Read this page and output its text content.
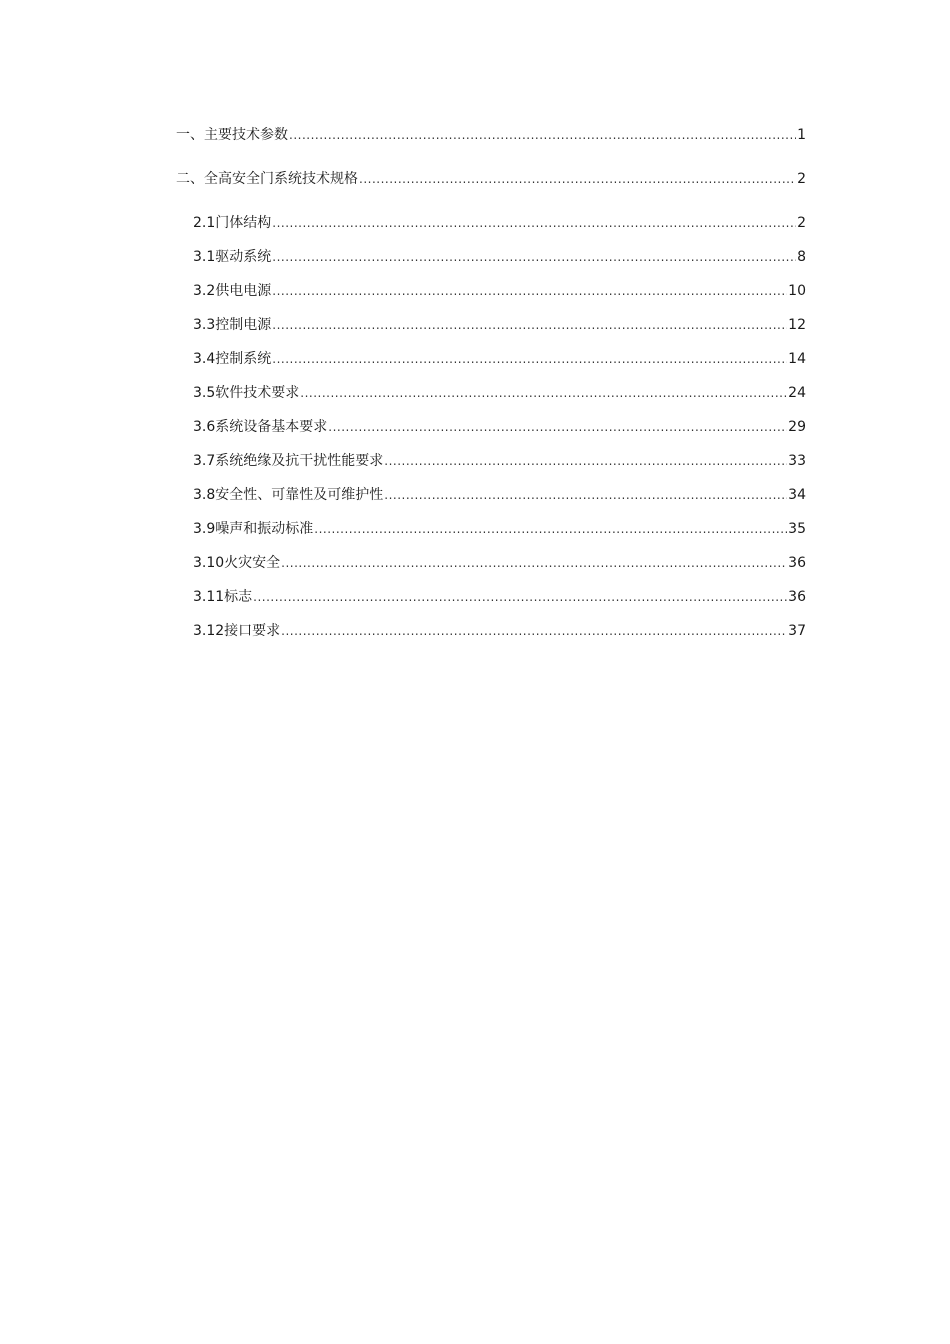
一、主要技术参数 .....	1
二、全高安全门系统技术规格 .....	2
2.1门体结构 .....	2
3.1驱动系统 .....	8
3.2供电电源 .....	10
3.3控制电源 .....	12
3.4控制系统 .....	14
3.5软件技术要求 .....	24
3.6系统设备基本要求 .....	29
3.7系统绝缘及抗干扰性能要求 .....	33
3.8安全性、可靠性及可维护性 .....	34
3.9噪声和振动标准 .....	35
3.10火灾安全 .....	36
3.11标志 .....	36
3.12接口要求 .....	37
